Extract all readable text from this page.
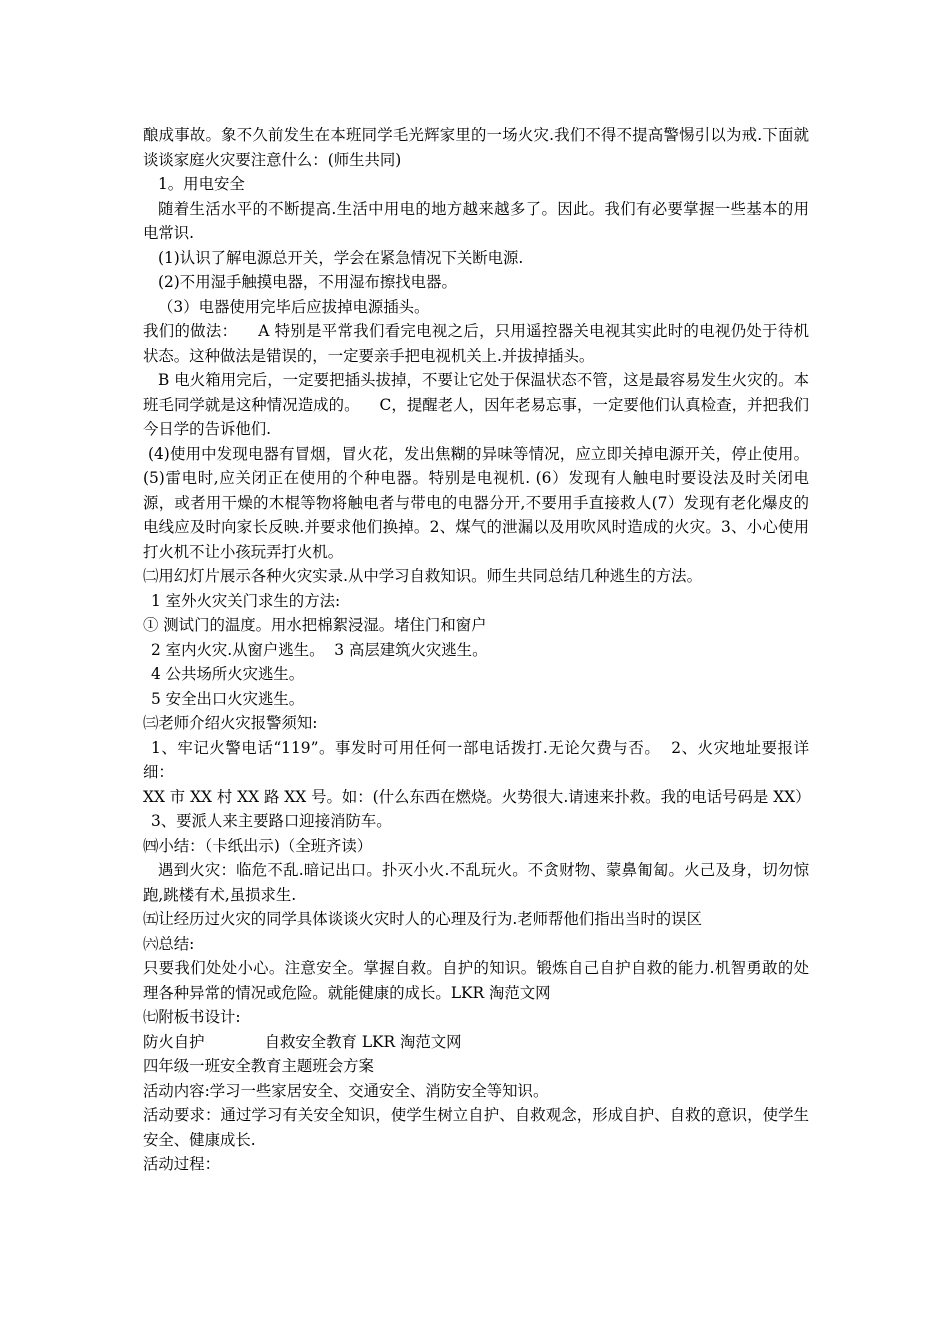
酿成事故。象不久前发生在本班同学毛光辉家里的一场火灾.我们不得不提高警惕引以为戒.下面就谈谈家庭火灾要注意什么：(师生共同)

1。用电安全

随着生活水平的不断提高.生活中用电的地方越来越多了。因此。我们有必要掌握一些基本的用电常识.

(1)认识了解电源总开关，学会在紧急情况下关断电源.

(2)不用湿手触摸电器，不用湿布擦找电器。

（3）电器使用完毕后应拔掉电源插头。

我们的做法：    A 特别是平常我们看完电视之后，只用遥控器关电视其实此时的电视仍处于待机状态。这种做法是错误的，一定要亲手把电视机关上.并拔掉插头。

B 电火箱用完后，一定要把插头拔掉，不要让它处于保温状态不管，这是最容易发生火灾的。本班毛同学就是这种情况造成的。    C，提醒老人，因年老易忘事，一定要他们认真检查，并把我们今日学的告诉他们.

(4)使用中发现电器有冒烟，冒火花，发出焦糊的异味等情况，应立即关掉电源开关，停止使用。   (5)雷电时,应关闭正在使用的个种电器。特别是电视机. (6）发现有人触电时要设法及时关闭电源，或者用干燥的木棍等物将触电者与带电的电器分开,不要用手直接救人(7）发现有老化爆皮的电线应及时向家长反映.并要求他们换掉。2、煤气的泄漏以及用吹风时造成的火灾。3、小心使用打火机不让小孩玩弄打火机。

㈡用幻灯片展示各种火灾实录.从中学习自救知识。师生共同总结几种逃生的方法。

1 室外火灾关门求生的方法:

① 测试门的温度。用水把棉絮浸湿。堵住门和窗户

2 室内火灾.从窗户逃生。  3 高层建筑火灾逃生。

4 公共场所火灾逃生。

5 安全出口火灾逃生。

㈢老师介绍火灾报警须知:

1、牢记火警电话“119”。事发时可用任何一部电话拨打.无论欠费与否。  2、火灾地址要报详细：

XX 市 XX 村 XX 路 XX 号。如：(什么东西在燃烧。火势很大.请速来扑救。我的电话号码是 XX）

3、要派人来主要路口迎接消防车。

㈣小结：（卡纸出示)（全班齐读）

遇到火灾：临危不乱.暗记出口。扑灭小火.不乱玩火。不贪财物、蒙鼻匍匐。火己及身，切勿惊跑,跳楼有术,虽损求生.

㈤让经历过火灾的同学具体谈谈火灾时人的心理及行为.老师帮他们指出当时的误区

㈥总结:

只要我们处处小心。注意安全。掌握自救。自护的知识。锻炼自己自护自救的能力.机智勇敢的处理各种异常的情况或危险。就能健康的成长。LKR 淘范文网

㈦附板书设计:

防火自护	自救安全教育 LKR 淘范文网

四年级一班安全教育主题班会方案

活动内容:学习一些家居安全、交通安全、消防安全等知识。

活动要求：通过学习有关安全知识，使学生树立自护、自救观念，形成自护、自救的意识，使学生安全、健康成长.

活动过程：
